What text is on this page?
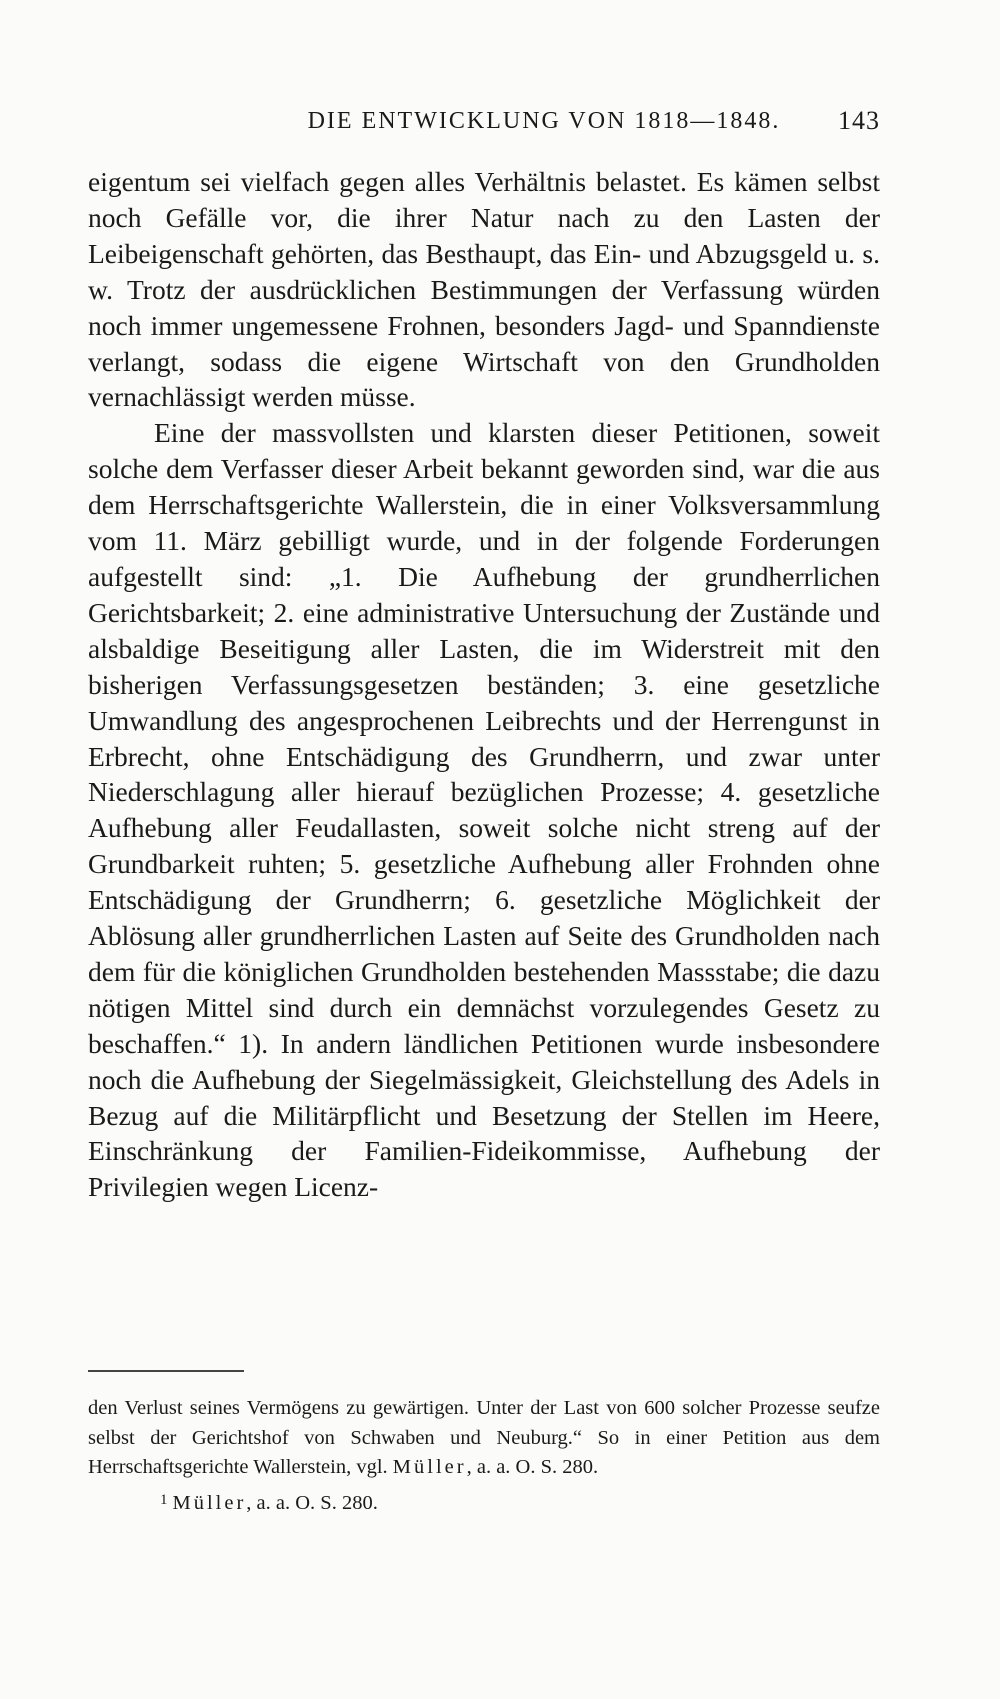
DIE ENTWICKLUNG VON 1818—1848.	143

eigentum sei vielfach gegen alles Verhältnis belastet. Es kämen selbst noch Gefälle vor, die ihrer Natur nach zu den Lasten der Leibeigenschaft gehörten, das Besthaupt, das Ein- und Abzugsgeld u. s. w. Trotz der ausdrücklichen Bestimmungen der Verfassung würden noch immer ungemessene Frohnen, besonders Jagd- und Spanndienste verlangt, sodass die eigene Wirtschaft von den Grundholden vernachlässigt werden müsse.

Eine der massvollsten und klarsten dieser Petitionen, soweit solche dem Verfasser dieser Arbeit bekannt geworden sind, war die aus dem Herrschaftsgerichte Wallerstein, die in einer Volksversammlung vom 11. März gebilligt wurde, und in der folgende Forderungen aufgestellt sind: „1. Die Aufhebung der grundherrlichen Gerichtsbarkeit; 2. eine administrative Untersuchung der Zustände und alsbaldige Beseitigung aller Lasten, die im Widerstreit mit den bisherigen Verfassungsgesetzen beständen; 3. eine gesetzliche Umwandlung des angesprochenen Leibrechts und der Herrengunst in Erbrecht, ohne Entschädigung des Grundherrn, und zwar unter Niederschlagung aller hierauf bezüglichen Prozesse; 4. gesetzliche Aufhebung aller Feudallasten, soweit solche nicht streng auf der Grundbarkeit ruhten; 5. gesetzliche Aufhebung aller Frohnden ohne Entschädigung der Grundherrn; 6. gesetzliche Möglichkeit der Ablösung aller grundherrlichen Lasten auf Seite des Grundholden nach dem für die königlichen Grundholden bestehenden Massstabe; die dazu nötigen Mittel sind durch ein demnächst vorzulegendes Gesetz zu beschaffen.“ 1). In andern ländlichen Petitionen wurde insbesondere noch die Aufhebung der Siegelmässigkeit, Gleichstellung des Adels in Bezug auf die Militärpflicht und Besetzung der Stellen im Heere, Einschränkung der Familien-Fideikommisse, Aufhebung der Privilegien wegen Licenz-

den Verlust seines Vermögens zu gewärtigen. Unter der Last von 600 solcher Prozesse seufze selbst der Gerichtshof von Schwaben und Neuburg.“ So in einer Petition aus dem Herrschaftsgerichte Wallerstein, vgl. Müller, a. a. O. S. 280.

$^1$ Müller, a. a. O. S. 280.
